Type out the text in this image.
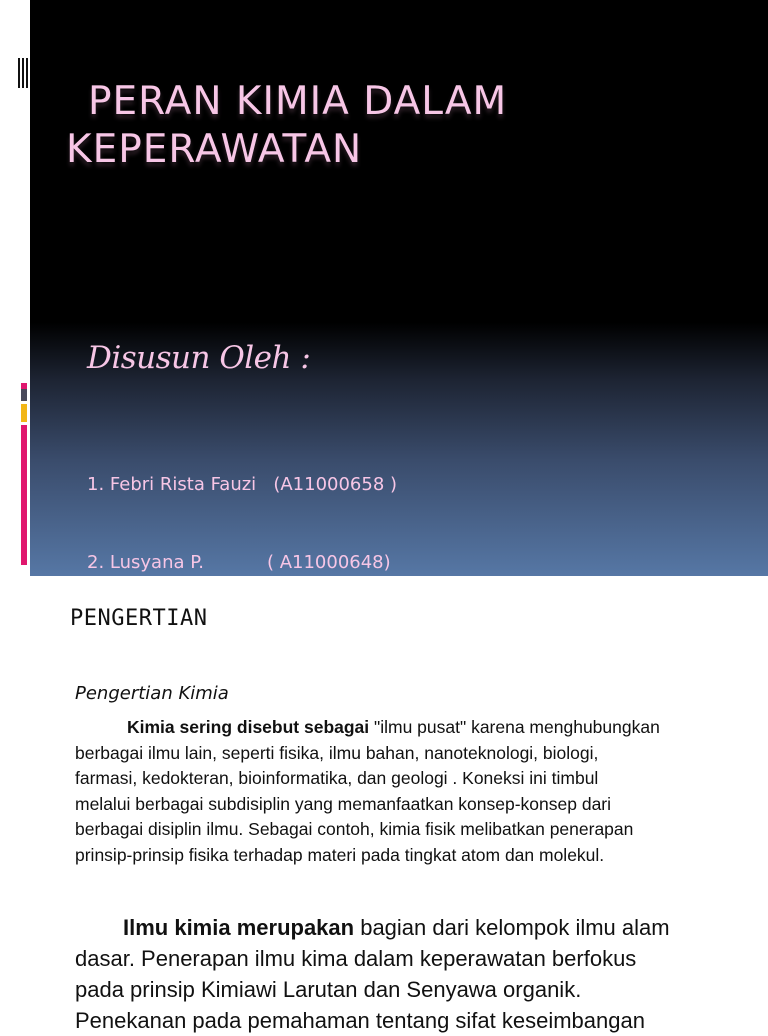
PERAN KIMIA DALAM
KEPERAWATAN
Disusun Oleh :

1. Febri Rista Fauzi   (A11000658 )

2. Lusyana P.           ( A11000648)

PENGERTIAN
Pengertian Kimia
Kimia sering disebut sebagai "ilmu pusat" karena menghubungkan
berbagai ilmu lain, seperti fisika, ilmu bahan, nanoteknologi, biologi,
farmasi, kedokteran, bioinformatika, dan geologi . Koneksi ini timbul
melalui berbagai subdisiplin yang memanfaatkan konsep-konsep dari
berbagai disiplin ilmu. Sebagai contoh, kimia fisik melibatkan penerapan
prinsip-prinsip fisika terhadap materi pada tingkat atom dan molekul.
Ilmu kimia merupakan bagian dari kelompok ilmu alam
dasar. Penerapan ilmu kima dalam keperawatan berfokus
pada prinsip Kimiawi Larutan dan Senyawa organik.
Penekanan pada pemahaman tentang sifat keseimbangan
